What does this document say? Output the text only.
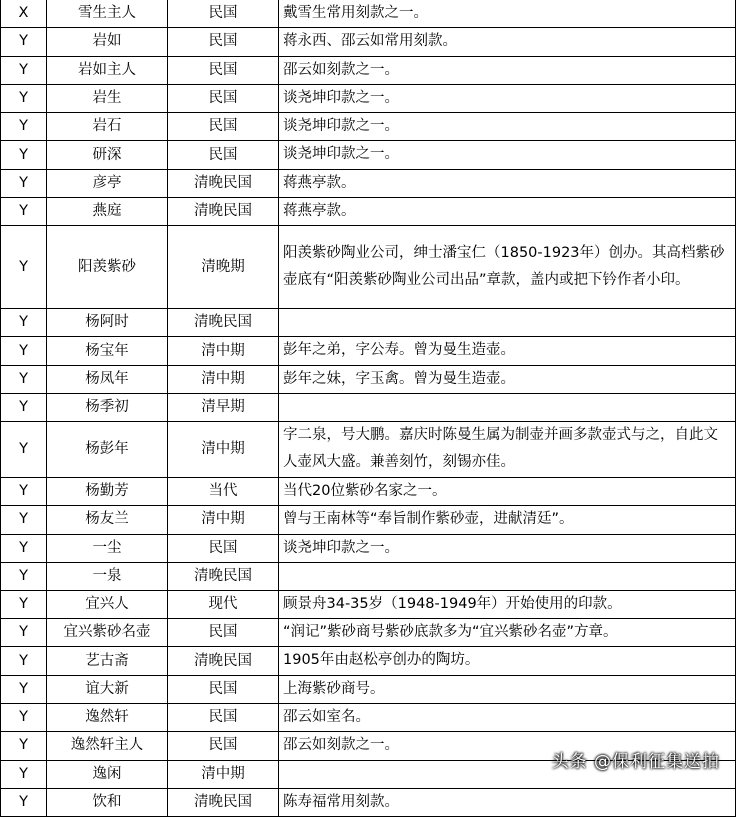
X	雪生主人	民国	戴雪生常用刻款之一。
Y	岩如	民国	蒋永西、邵云如常用刻款。
Y	岩如主人	民国	邵云如刻款之一。
Y	岩生	民国	谈尧坤印款之一。
Y	岩石	民国	谈尧坤印款之一。
Y	研深	民国	谈尧坤印款之一。
Y	彦亭	清晚民国	蒋燕亭款。
Y	燕庭	清晚民国	蒋燕亭款。
Y	阳羡紫砂	清晚期	阳羡紫砂陶业公司，绅士潘宝仁（1850-1923年）创办。其高档紫砂壶底有“阳羡紫砂陶业公司出品”章款，盖内或把下钤作者小印。
Y	杨阿时	清晚民国	
Y	杨宝年	清中期	彭年之弟，字公寿。曾为曼生造壶。
Y	杨凤年	清中期	彭年之妹，字玉禽。曾为曼生造壶。
Y	杨季初	清早期	
Y	杨彭年	清中期	字二泉，号大鹏。嘉庆时陈曼生属为制壶并画多款壶式与之，自此文人壶风大盛。兼善刻竹，刻锡亦佳。
Y	杨勤芳	当代	当代20位紫砂名家之一。
Y	杨友兰	清中期	曾与王南林等“奉旨制作紫砂壶，进献清廷”。
Y	一尘	民国	谈尧坤印款之一。
Y	一泉	清晚民国	
Y	宜兴人	现代	顾景舟34-35岁（1948-1949年）开始使用的印款。
Y	宜兴紫砂名壶	民国	“润记”紫砂商号紫砂底款多为“宜兴紫砂名壶”方章。
Y	艺古斋	清晚民国	1905年由赵松亭创办的陶坊。
Y	谊大新	民国	上海紫砂商号。
Y	逸然轩	民国	邵云如室名。
Y	逸然轩主人	民国	邵云如刻款之一。
Y	逸闲	清中期	
Y	饮和	清晚民国	陈寿福常用刻款。
头条 @保利征集送拍
